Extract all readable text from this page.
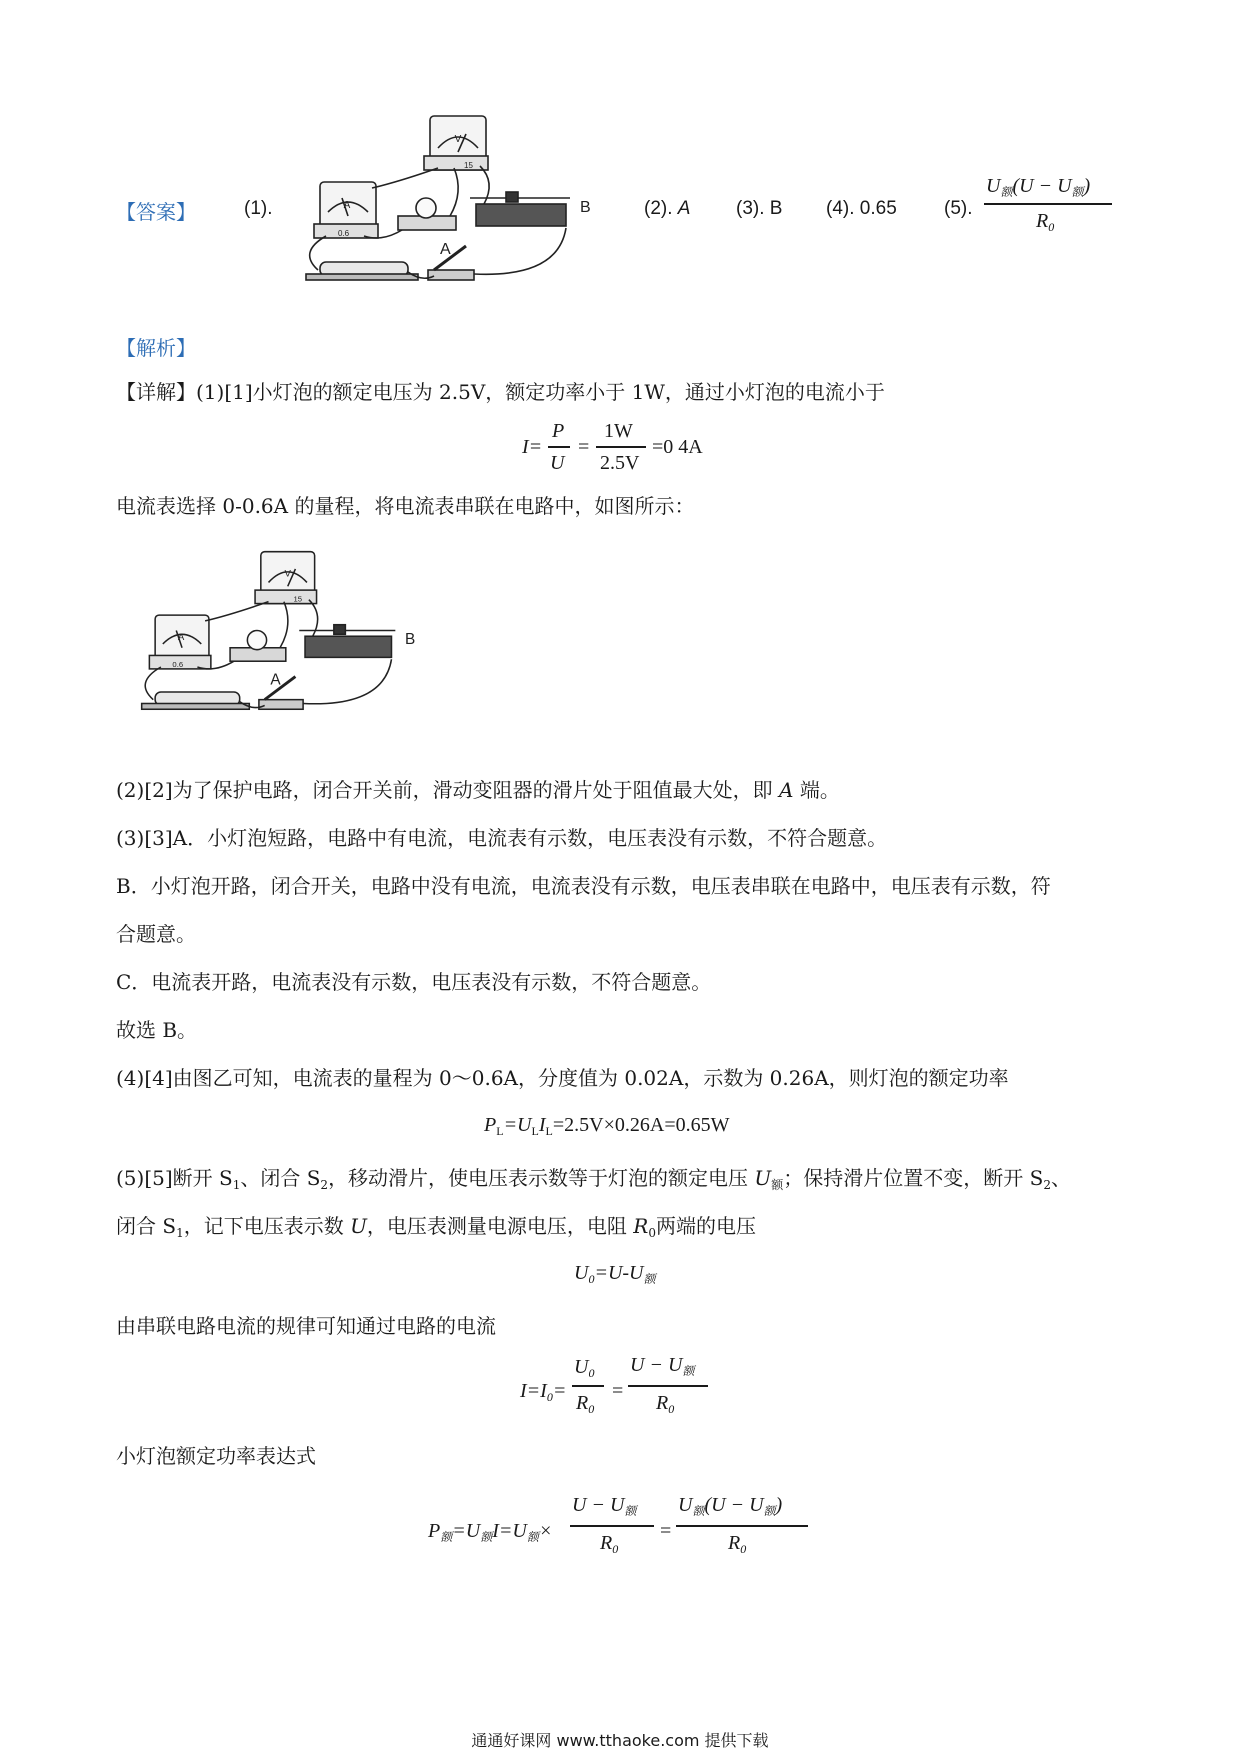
【答案】	(1).	A
V
0.6
15
A
B	(2). A (3). B (4). 0.65 (5).
$U_额(U - U_额)$
$R_0$
【解析】
【详解】(1)[1]小灯泡的额定电压为 2.5V，额定功率小于 1W，通过小灯泡的电流小于
I=
P
U
=
1W
2.5V
=0 4A
电流表选择 0-0.6A 的量程，将电流表串联在电路中，如图所示：
A
V
0.6
15
A
B
(2)[2]为了保护电路，闭合开关前，滑动变阻器的滑片处于阻值最大处，即 A 端。
(3)[3]A．小灯泡短路，电路中有电流，电流表有示数，电压表没有示数，不符合题意。
B．小灯泡开路，闭合开关，电路中没有电流，电流表没有示数，电压表串联在电路中，电压表有示数，符
合题意。
C．电流表开路，电流表没有示数，电压表没有示数，不符合题意。
故选 B。
(4)[4]由图乙可知，电流表的量程为 0～0.6A，分度值为 0.02A，示数为 0.26A，则灯泡的额定功率
$P_L=U_LI_L=2.5V\times 0.26A=0.65W$
(5)[5]断开 $S_1$、闭合 $S_2$，移动滑片，使电压表示数等于灯泡的额定电压 $U_额$；保持滑片位置不变，断开 $S_2$、
闭合 $S_1$，记下电压表示数 U，电压表测量电源电压，电阻 $R_0$两端的电压
$U_0=U-U_额$
由串联电路电流的规律可知通过电路的电流
$I=I_0=$
$U_0$
$R_0$
=
$U - U_额$
$R_0$
小灯泡额定功率表达式
$P_额=U_额I=U_额\times$
$U - U_额$
$R_0$
=
$U_额(U - U_额)$
$R_0$
通通好课网 www.tthaoke.com 提供下载
